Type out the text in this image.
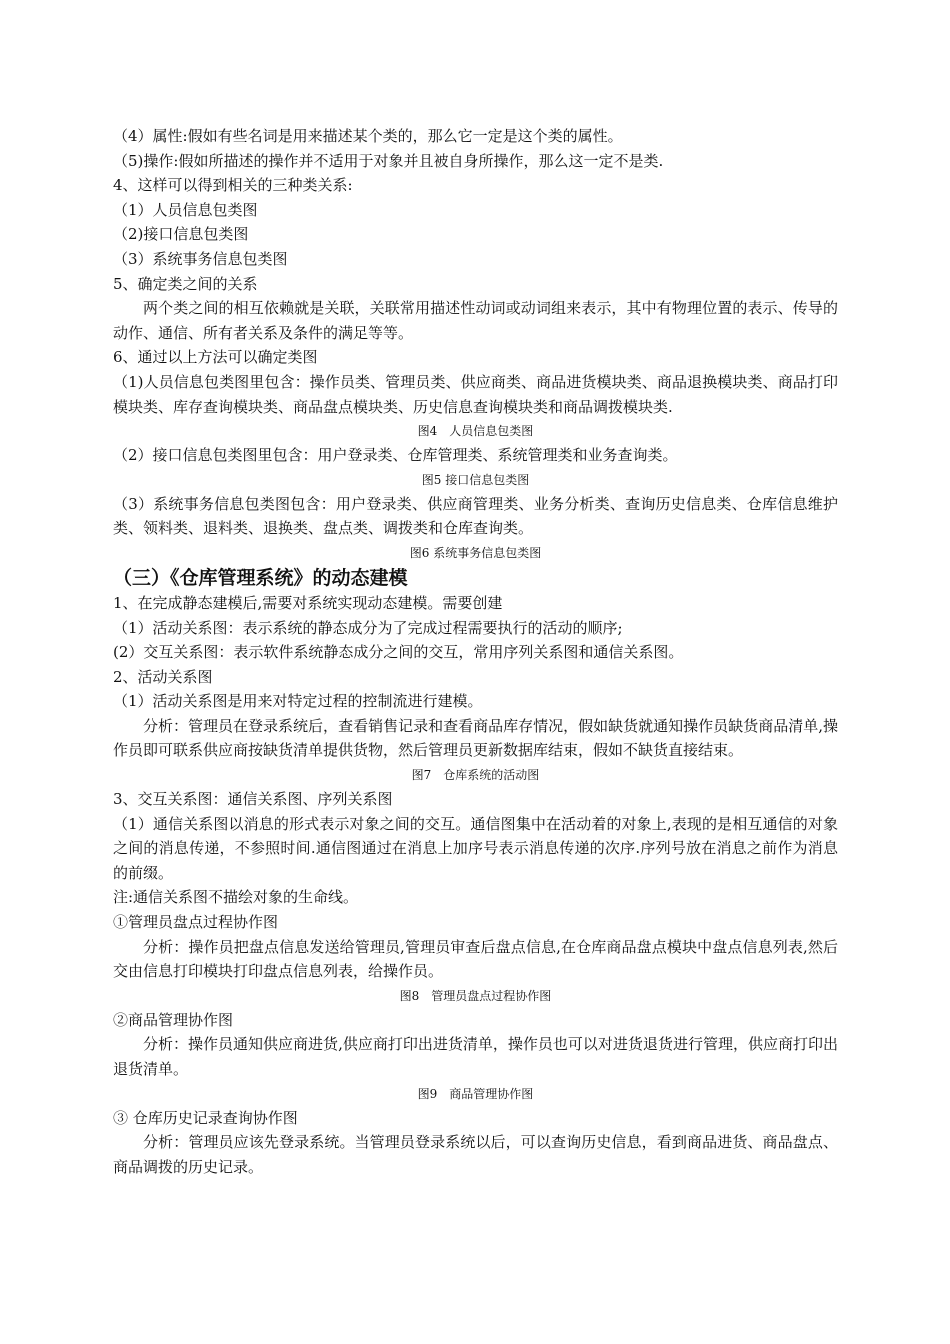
（4）属性:假如有些名词是用来描述某个类的，那么它一定是这个类的属性。

（5)操作:假如所描述的操作并不适用于对象并且被自身所操作，那么这一定不是类.

4、这样可以得到相关的三种类关系:

（1）人员信息包类图

（2)接口信息包类图

（3）系统事务信息包类图

5、确定类之间的关系

两个类之间的相互依赖就是关联，关联常用描述性动词或动词组来表示，其中有物理位置的表示、传导的动作、通信、所有者关系及条件的满足等等。

6、通过以上方法可以确定类图

（1)人员信息包类图里包含：操作员类、管理员类、供应商类、商品进货模块类、商品退换模块类、商品打印模块类、库存查询模块类、商品盘点模块类、历史信息查询模块类和商品调拨模块类.

图4　人员信息包类图

（2）接口信息包类图里包含：用户登录类、仓库管理类、系统管理类和业务查询类。

图5 接口信息包类图

（3）系统事务信息包类图包含：用户登录类、供应商管理类、业务分析类、查询历史信息类、仓库信息维护类、领料类、退料类、退换类、盘点类、调拨类和仓库查询类。

图6 系统事务信息包类图

（三）《仓库管理系统》的动态建模

1、在完成静态建模后,需要对系统实现动态建模。需要创建

（1）活动关系图：表示系统的静态成分为了完成过程需要执行的活动的顺序;

(2）交互关系图：表示软件系统静态成分之间的交互，常用序列关系图和通信关系图。

2、活动关系图

（1）活动关系图是用来对特定过程的控制流进行建模。

分析：管理员在登录系统后，查看销售记录和查看商品库存情况，假如缺货就通知操作员缺货商品清单,操作员即可联系供应商按缺货清单提供货物，然后管理员更新数据库结束，假如不缺货直接结束。

图7　仓库系统的活动图

3、交互关系图：通信关系图、序列关系图

（1）通信关系图以消息的形式表示对象之间的交互。通信图集中在活动着的对象上,表现的是相互通信的对象之间的消息传递，不参照时间.通信图通过在消息上加序号表示消息传递的次序.序列号放在消息之前作为消息的前缀。

注:通信关系图不描绘对象的生命线。

①管理员盘点过程协作图

分析：操作员把盘点信息发送给管理员,管理员审查后盘点信息,在仓库商品盘点模块中盘点信息列表,然后交由信息打印模块打印盘点信息列表，给操作员。

图8　管理员盘点过程协作图

②商品管理协作图

分析：操作员通知供应商进货,供应商打印出进货清单，操作员也可以对进货退货进行管理，供应商打印出退货清单。

图9　商品管理协作图

③ 仓库历史记录查询协作图

分析：管理员应该先登录系统。当管理员登录系统以后，可以查询历史信息，看到商品进货、商品盘点、商品调拨的历史记录。
